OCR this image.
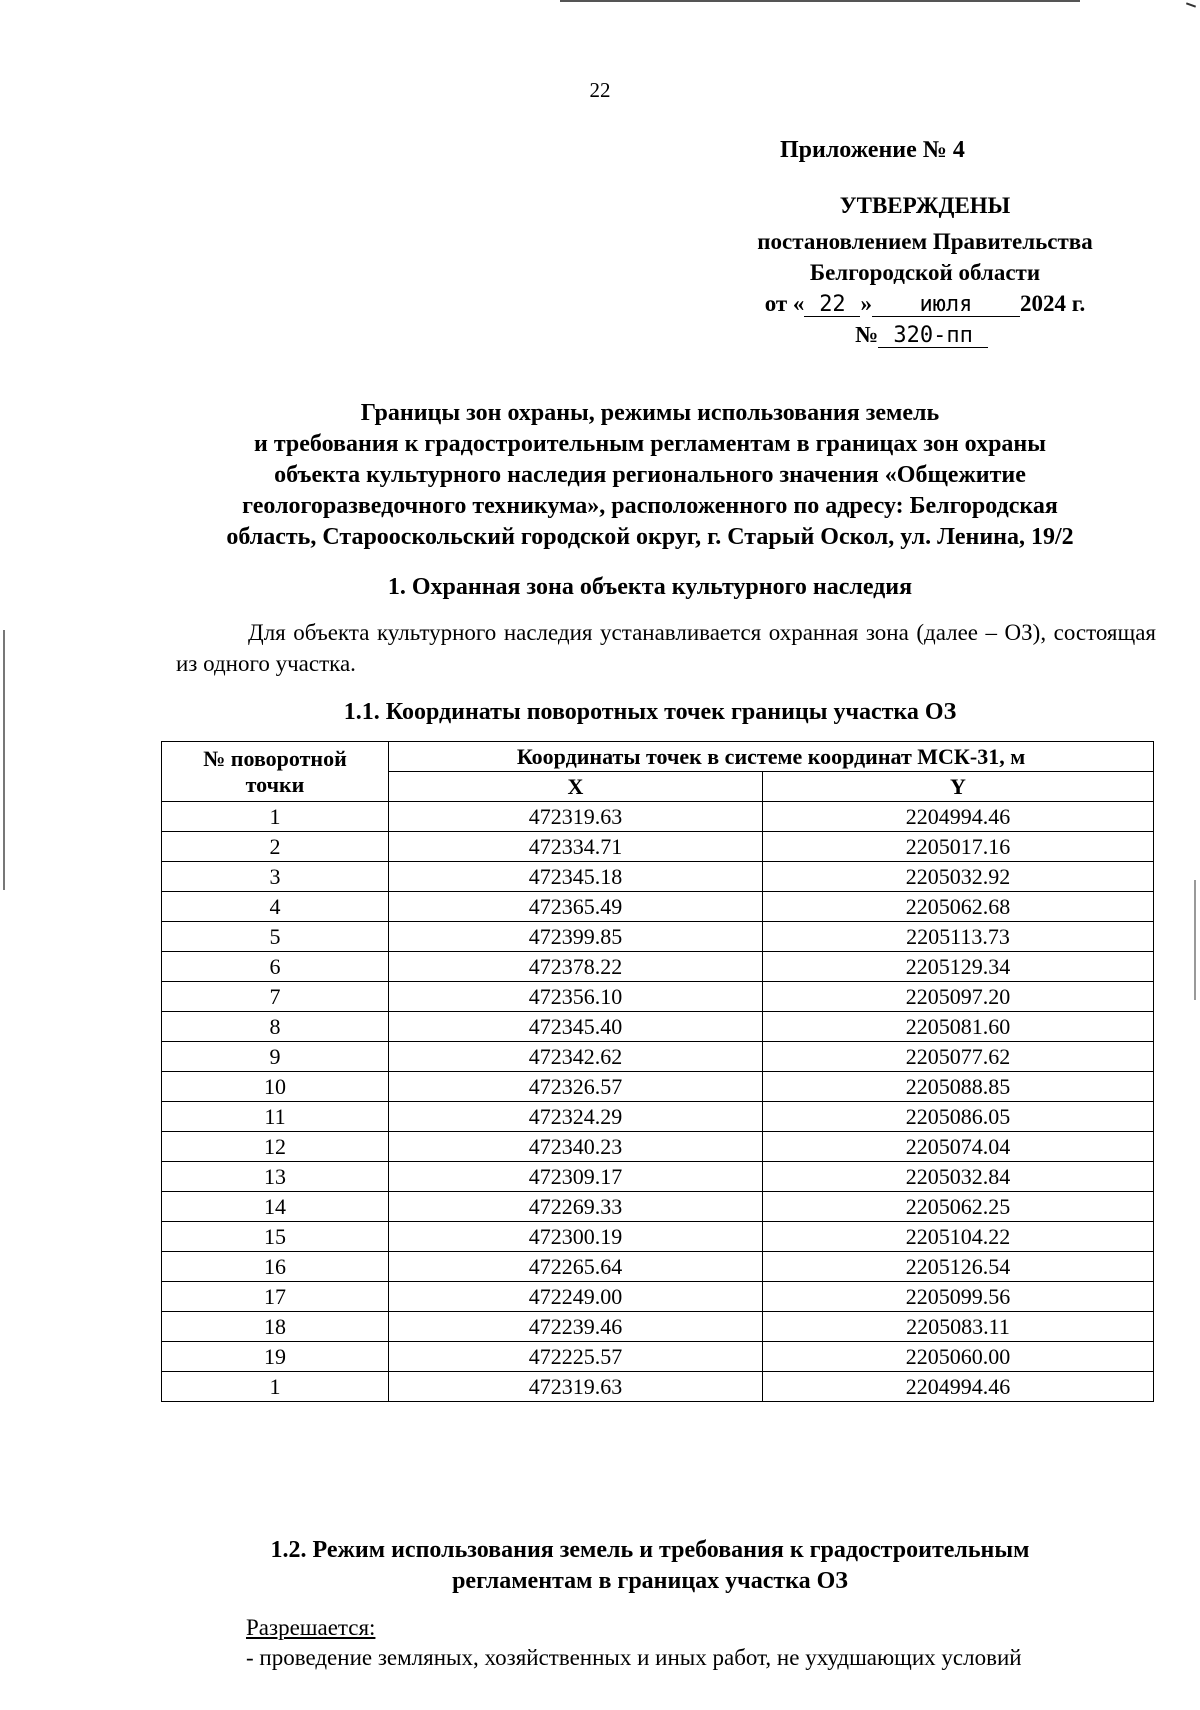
22
Приложение № 4
УТВЕРЖДЕНЫ
постановлением Правительства
Белгородской области
от « 22 » июля 2024 г.
№ 320-пп
Границы зон охраны, режимы использования земель
и требования к градостроительным регламентам в границах зон охраны
объекта культурного наследия регионального значения «Общежитие
геологоразведочного техникума», расположенного по адресу: Белгородская
область, Старооскольский городской округ, г. Старый Оскол, ул. Ленина, 19/2
1. Охранная зона объекта культурного наследия
Для объекта культурного наследия устанавливается охранная зона (далее – ОЗ), состоящая из одного участка.
1.1. Координаты поворотных точек границы участка ОЗ
№ поворотной
точки	Координаты точек в системе координат МСК-31, м	
	X	Y
1	472319.63	2204994.46
2	472334.71	2205017.16
3	472345.18	2205032.92
4	472365.49	2205062.68
5	472399.85	2205113.73
6	472378.22	2205129.34
7	472356.10	2205097.20
8	472345.40	2205081.60
9	472342.62	2205077.62
10	472326.57	2205088.85
11	472324.29	2205086.05
12	472340.23	2205074.04
13	472309.17	2205032.84
14	472269.33	2205062.25
15	472300.19	2205104.22
16	472265.64	2205126.54
17	472249.00	2205099.56
18	472239.46	2205083.11
19	472225.57	2205060.00
1	472319.63	2204994.46
1.2. Режим использования земель и требования к градостроительным
регламентам в границах участка ОЗ
Разрешается:
- проведение земляных, хозяйственных и иных работ, не ухудшающих условий
